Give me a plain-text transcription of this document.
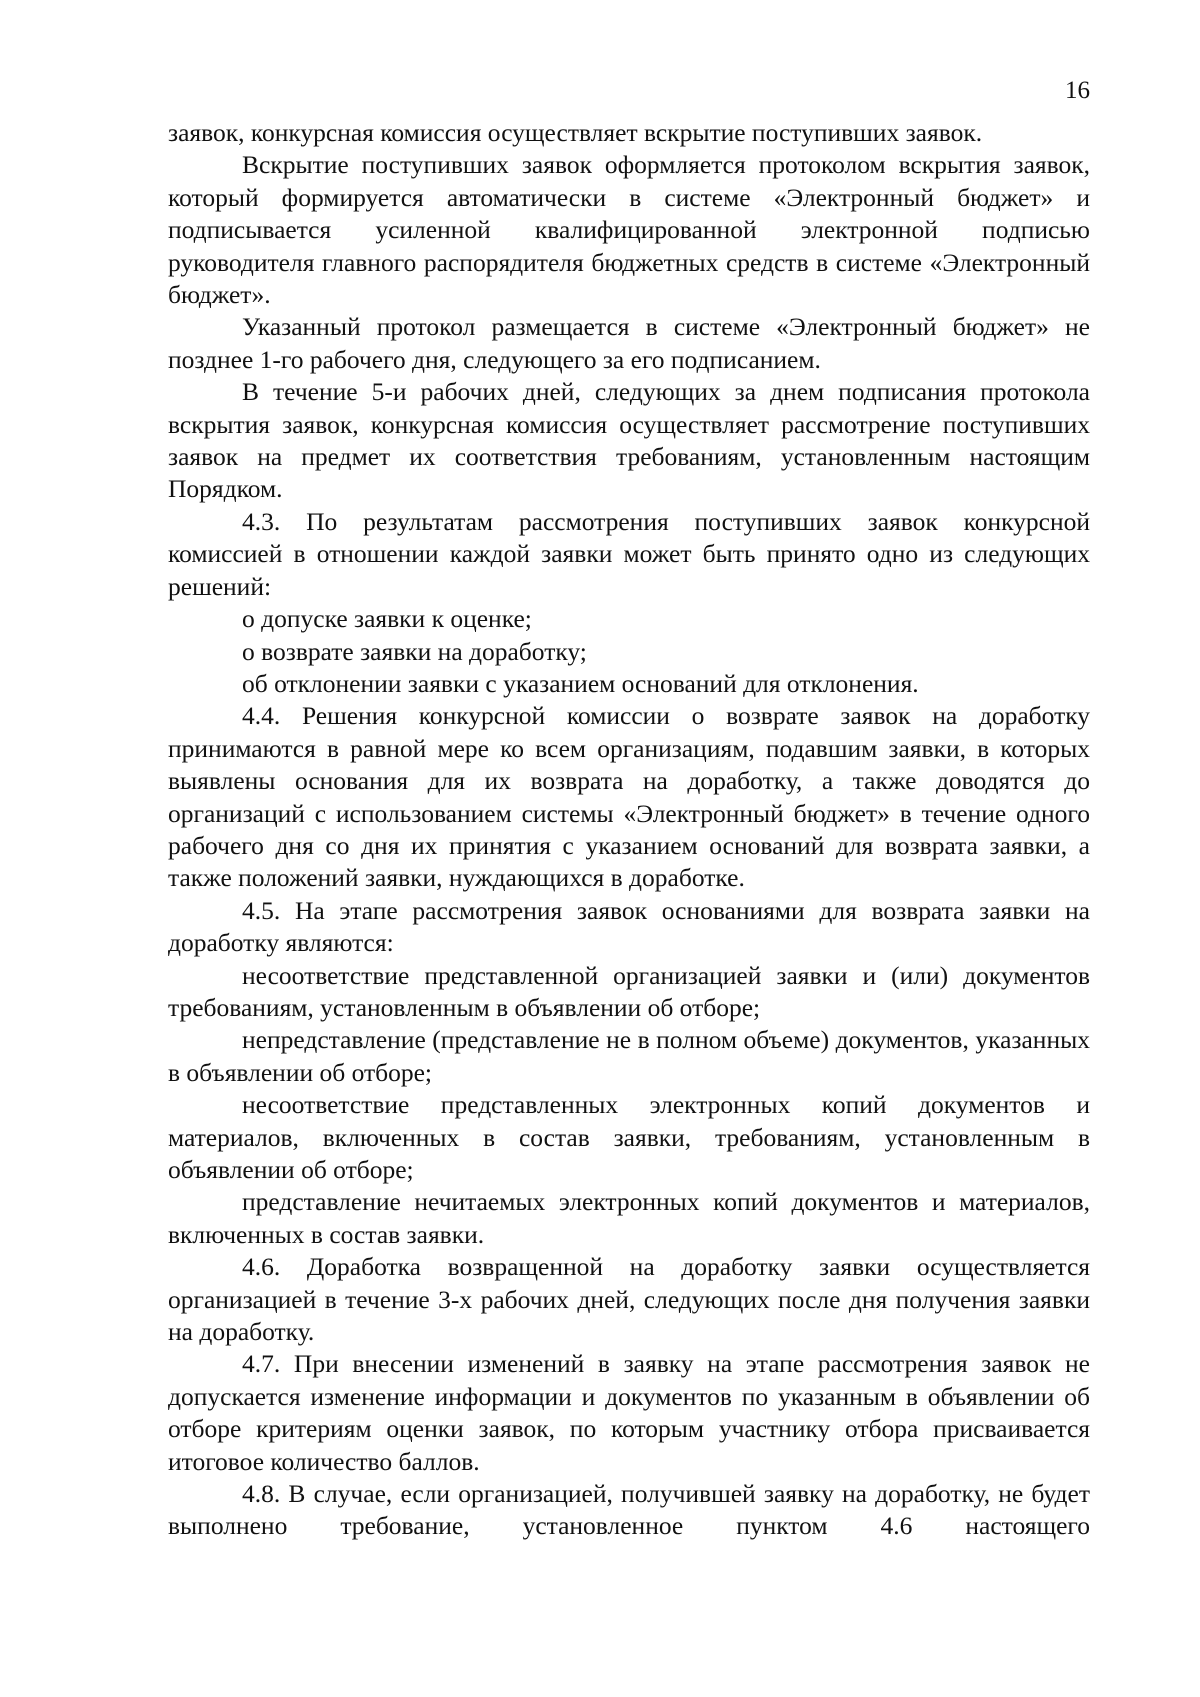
16

заявок, конкурсная комиссия осуществляет вскрытие поступивших заявок.

Вскрытие поступивших заявок оформляется протоколом вскрытия заявок, который формируется автоматически в системе «Электронный бюджет» и подписывается усиленной квалифицированной электронной подписью руководителя главного распорядителя бюджетных средств в системе «Электронный бюджет».

Указанный протокол размещается в системе «Электронный бюджет» не позднее 1-го рабочего дня, следующего за его подписанием.

В течение 5-и рабочих дней, следующих за днем подписания протокола вскрытия заявок, конкурсная комиссия осуществляет рассмотрение поступивших заявок на предмет их соответствия требованиям, установленным настоящим Порядком.

4.3. По результатам рассмотрения поступивших заявок конкурсной комиссией в отношении каждой заявки может быть принято одно из следующих решений:

о допуске заявки к оценке;

о возврате заявки на доработку;

об отклонении заявки с указанием оснований для отклонения.

4.4. Решения конкурсной комиссии о возврате заявок на доработку принимаются в равной мере ко всем организациям, подавшим заявки, в которых выявлены основания для их возврата на доработку, а также доводятся до организаций с использованием системы «Электронный бюджет» в течение одного рабочего дня со дня их принятия с указанием оснований для возврата заявки, а также положений заявки, нуждающихся в доработке.

4.5. На этапе рассмотрения заявок основаниями для возврата заявки на доработку являются:

несоответствие представленной организацией заявки и (или) документов требованиям, установленным в объявлении об отборе;

непредставление (представление не в полном объеме) документов, указанных в объявлении об отборе;

несоответствие представленных электронных копий документов и материалов, включенных в состав заявки, требованиям, установленным в объявлении об отборе;

представление нечитаемых электронных копий документов и материалов, включенных в состав заявки.

4.6. Доработка возвращенной на доработку заявки осуществляется организацией в течение 3-х рабочих дней, следующих после дня получения заявки на доработку.

4.7. При внесении изменений в заявку на этапе рассмотрения заявок не допускается изменение информации и документов по указанным в объявлении об отборе критериям оценки заявок, по которым участнику отбора присваивается итоговое количество баллов.

4.8. В случае, если организацией, получившей заявку на доработку, не будет выполнено требование, установленное пунктом 4.6 настоящего
